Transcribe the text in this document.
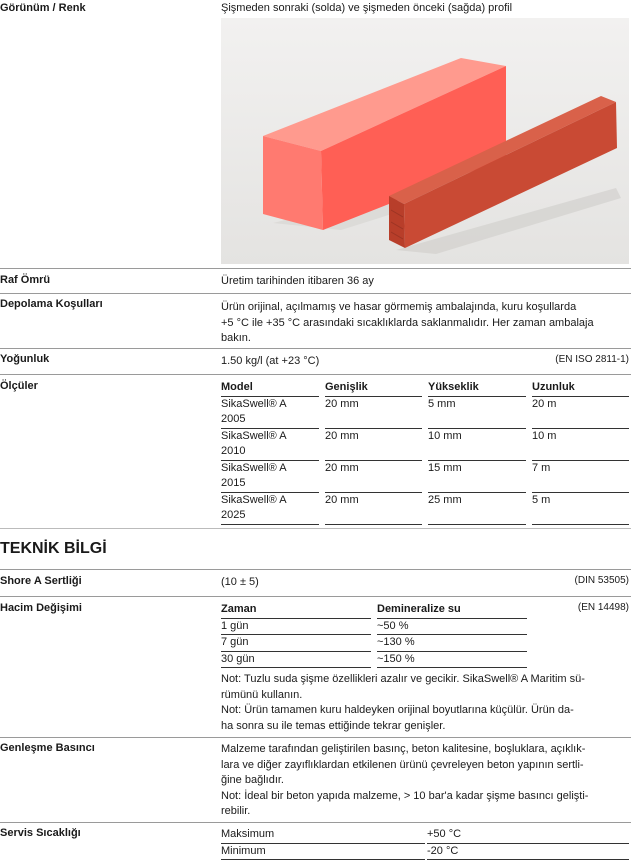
Görünüm / Renk	Şişmeden sonraki (solda) ve şişmeden önceki (sağda) profil
Raf Ömrü	Üretim tarihinden itibaren 36 ay
Depolama Koşulları	Ürün orijinal, açılmamış ve hasar görmemiş ambalajında, kuru koşullarda
+5 °C ile +35 °C arasındaki sıcaklıklarda saklanmalıdır. Her zaman ambalaja
bakın.
Yoğunluk	1.50 kg/l (at +23 °C)	(EN ISO 2811-1)
Ölçüler	Model	Genişlik	Yükseklik	Uzunluk

SikaSwell® A
2005	20 mm	5 mm	20 m

SikaSwell® A
2010	20 mm	10 mm	10 m

SikaSwell® A
2015	20 mm	15 mm	7 m

SikaSwell® A
2025	20 mm	25 mm	5 m
TEKNİK BİLGİ
Shore A Sertliği	(10 ± 5)	(DIN 53505)
Hacim Değişimi	(EN 14498)
Zaman	Demineralize su

1 gün	~50 %

7 gün	~130 %

30 gün	~150 %
Not: Tuzlu suda şişme özellikleri azalır ve gecikir. SikaSwell® A Maritim sü-
rümünü kullanın.
Not: Ürün tamamen kuru haldeyken orijinal boyutlarına küçülür. Ürün da-
ha sonra su ile temas ettiğinde tekrar genişler.
Genleşme Basıncı	Malzeme tarafından geliştirilen basınç, beton kalitesine, boşluklara, açıklık-
lara ve diğer zayıflıklardan etkilenen ürünü çevreleyen beton yapının sertli-
ğine bağlıdır.
Not: İdeal bir beton yapıda malzeme, > 10 bar'a kadar şişme basıncı gelişti-
rebilir.
Servis Sıcaklığı	Maksimum	+50 °C

Minimum	-20 °C
